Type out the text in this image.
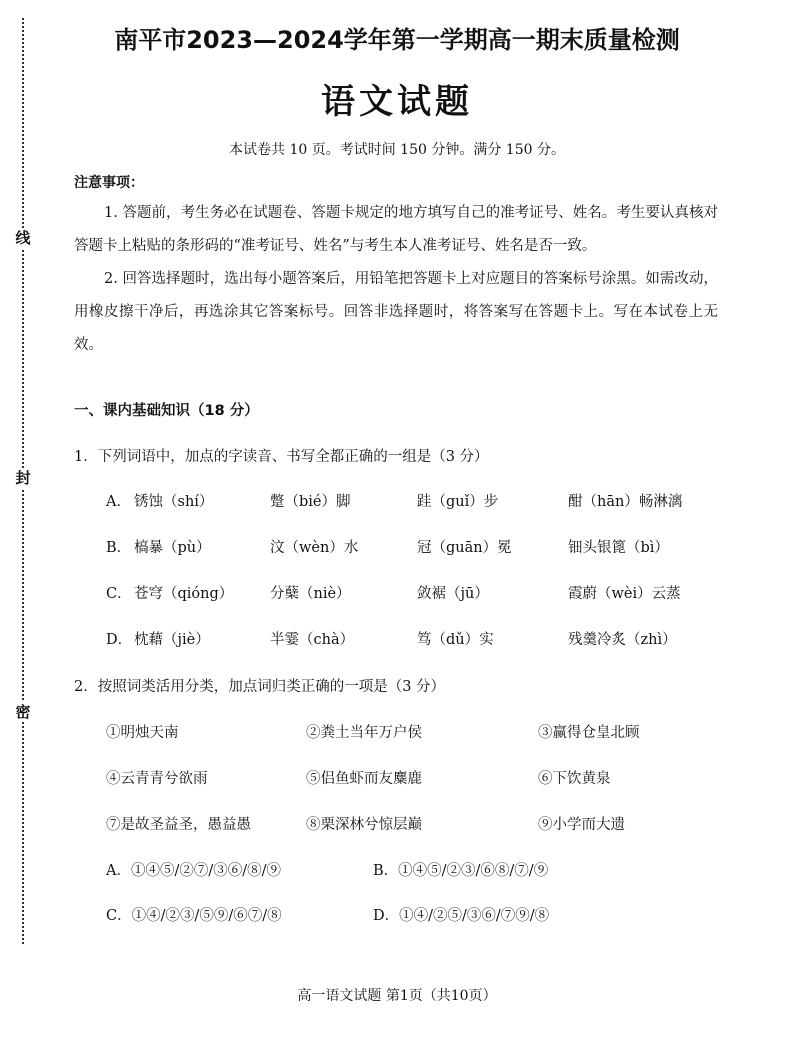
线
封
密
南平市2023—2024学年第一学期高一期末质量检测
语文试题
本试卷共 10 页。考试时间 150 分钟。满分 150 分。
注意事项：
1. 答题前，考生务必在试题卷、答题卡规定的地方填写自己的准考证号、姓名。考生要认真核对答题卡上粘贴的条形码的“准考证号、姓名”与考生本人准考证号、姓名是否一致。
2. 回答选择题时，选出每小题答案后，用铅笔把答题卡上对应题目的答案标号涂黑。如需改动，用橡皮擦干净后，再选涂其它答案标号。回答非选择题时，将答案写在答题卡上。写在本试卷上无效。
一、课内基础知识（18 分）
1．下列词语中，加点的字读音、书写全都正确的一组是（3 分）
A． 锈蚀（shí）	蹩（bié）脚	跬（guǐ）步	酣（hān）畅淋漓
B． 槁暴（pù）	汶（wèn）水	冠（guān）冕	钿头银篦（bì）
C． 苍穹（qióng）	分蘖（niè）	敛裾（jū）	霞蔚（wèi）云蒸
D． 枕藉（jiè）	半霎（chà）	笃（dǔ）实	残羹冷炙（zhì）
2．按照词类活用分类，加点词归类正确的一项是（3 分）
①明烛天南	②粪土当年万户侯	③赢得仓皇北顾
④云青青兮欲雨	⑤侣鱼虾而友麋鹿	⑥下饮黄泉
⑦是故圣益圣，愚益愚	⑧栗深林兮惊层巅	⑨小学而大遗
A．①④⑤/②⑦/③⑥/⑧/⑨	B．①④⑤/②③/⑥⑧/⑦/⑨
C．①④/②③/⑤⑨/⑥⑦/⑧	D．①④/②⑤/③⑥/⑦⑨/⑧
高一语文试题 第1页（共10页）
